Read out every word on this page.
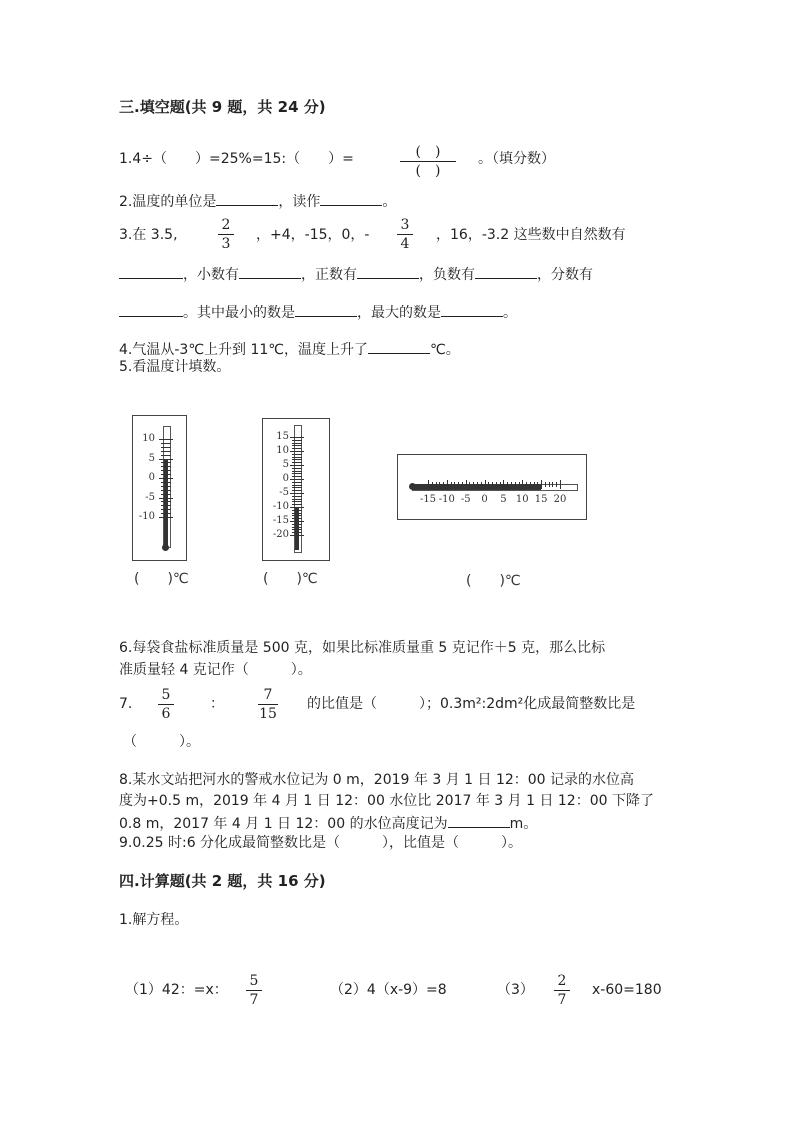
三.填空题(共 9 题，共 24 分)
1.4÷（　　）=25%=15:（　　）=	(　)
(　)
。（填分数）
2.温度的单位是	，读作	。
3.在 3.5,
2
3
，+4，-15，0，-
3
4
，16，-3.2 这些数中自然数有
，小数有	，正数有	，负数有	，分数有
。其中最小的数是	，最大的数是	。
4.气温从-3℃上升到 11℃，温度上升了	℃。
5.看温度计填数。
10
5
0
-5
-10
(　　)℃
15
10
5
0
-5
-10
-15
-20
(　　)℃
-15 -10 -5	0	5 10 15 20
(　　)℃
6.每袋食盐标准质量是 500 克，如果比标准质量重 5 克记作＋5 克，那么比标
准质量轻 4 克记作（　　　）。
7.
5
6
：
7
15
的比值是（　　　）；0.3m²:2dm²化成最简整数比是
（　　　）。
8.某水文站把河水的警戒水位记为 0 m，2019 年 3 月 1 日 12：00 记录的水位高
度为+0.5 m，2019 年 4 月 1 日 12：00 水位比 2017 年 3 月 1 日 12：00 下降了
0.8 m，2017 年 4 月 1 日 12：00 的水位高度记为	m。
9.0.25 时:6 分化成最简整数比是（　　　），比值是（　　　）。
四.计算题(共 2 题，共 16 分)
1.解方程。
（1）42：=x：
5
7
（2）4（x-9）=8	（3）
2
7
x-60=180
